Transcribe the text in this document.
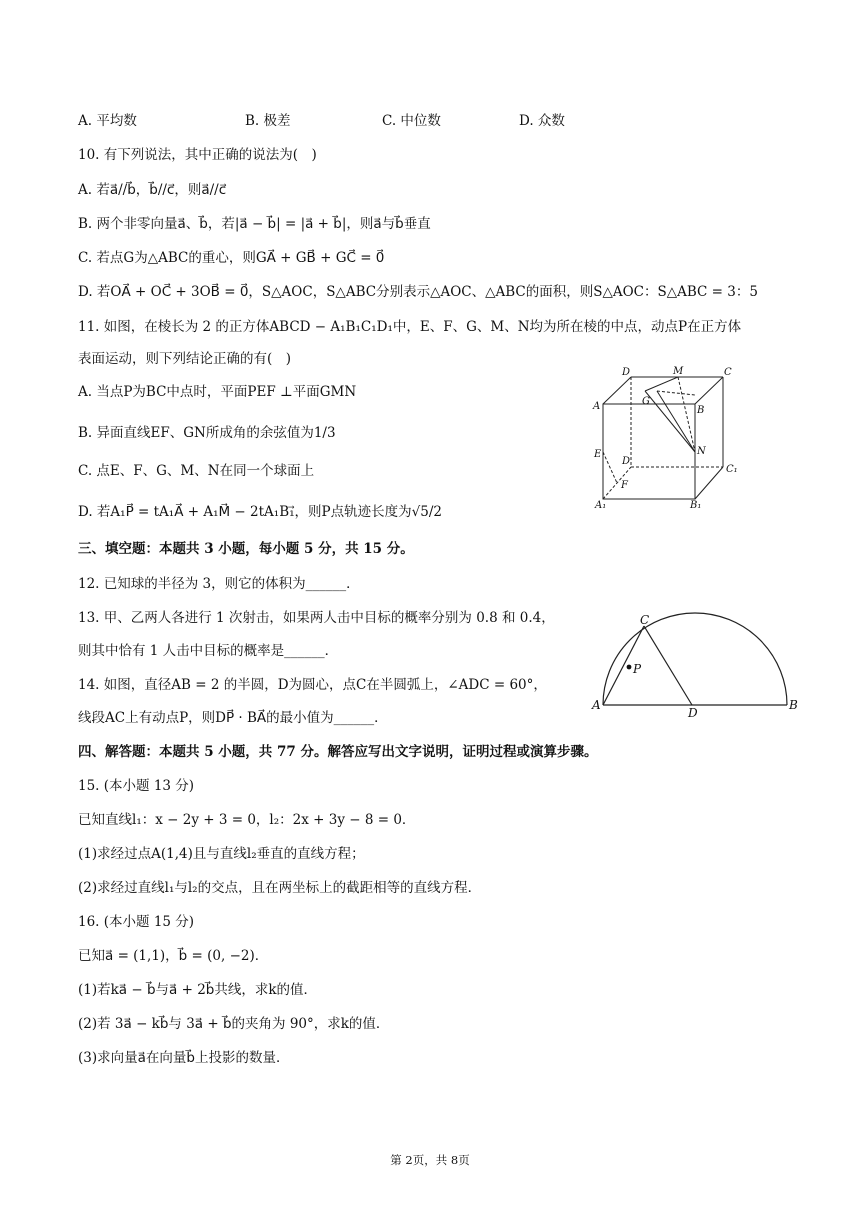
A. 平均数	B. 极差	C. 中位数	D. 众数
10. 有下列说法，其中正确的说法为(　)
A. 若a⃗//b⃗，b⃗//c⃗，则a⃗//c⃗
B. 两个非零向量a⃗、b⃗，若|a⃗ − b⃗| = |a⃗ + b⃗|，则a⃗与b⃗垂直
C. 若点G为△ABC的重心，则GA⃗ + GB⃗ + GC⃗ = 0⃗
D. 若OA⃗ + OC⃗ + 3OB⃗ = 0⃗，S△AOC，S△ABC分别表示△AOC、△ABC的面积，则S△AOC：S△ABC = 3：5
11. 如图，在棱长为 2 的正方体ABCD − A₁B₁C₁D₁中，E、F、G、M、N均为所在棱的中点，动点P在正方体
表面运动，则下列结论正确的有(　)
A. 当点P为BC中点时，平面PEF ⊥平面GMN
B. 异面直线EF、GN所成角的余弦值为1/3
C. 点E、F、G、M、N在同一个球面上
D. 若A₁P⃗ = tA₁A⃗ + A₁M⃗ − 2tA₁B₁⃗，则P点轨迹长度为√5/2
D	M	C
A	G
B
E
D
N
C₁
F
A₁	B₁
三、填空题：本题共 3 小题，每小题 5 分，共 15 分。
12. 已知球的半径为 3，则它的体积为______．
13. 甲、乙两人各进行 1 次射击，如果两人击中目标的概率分别为 0.8 和 0.4，
则其中恰有 1 人击中目标的概率是______．
14. 如图，直径AB = 2 的半圆，D为圆心，点C在半圆弧上，∠ADC = 60°，
线段AC上有动点P，则DP⃗ · BA⃗的最小值为______．
C
P
A
D
B
四、解答题：本题共 5 小题，共 77 分。解答应写出文字说明，证明过程或演算步骤。
15. (本小题 13 分)
已知直线l₁：x − 2y + 3 = 0，l₂：2x + 3y − 8 = 0．
(1)求经过点A(1,4)且与直线l₂垂直的直线方程；
(2)求经过直线l₁与l₂的交点，且在两坐标上的截距相等的直线方程．
16. (本小题 15 分)
已知a⃗ = (1,1)，b⃗ = (0, −2)．
(1)若ka⃗ − b⃗与a⃗ + 2b⃗共线，求k的值．
(2)若 3a⃗ − kb⃗与 3a⃗ + b⃗的夹角为 90°，求k的值．
(3)求向量a⃗在向量b⃗上投影的数量．
第 2页，共 8页
